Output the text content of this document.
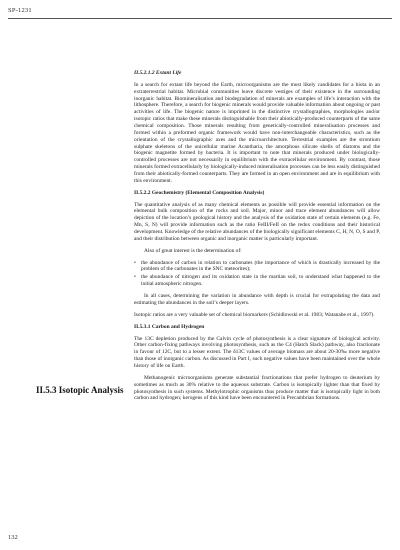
SP-1231

II.5.2.1.2 Extant Life

In a search for extant life beyond the Earth, microorganisms are the most likely candidates for a biota in an extraterrestrial habitat. Microbial communities leave discrete vestiges of their existence in the surrounding inorganic habitat. Biomineralisation and biodegradation of minerals are examples of life’s interaction with the lithosphere. Therefore, a search for biogenic minerals would provide valuable information about ongoing or past activities of life. The biogenic nature is imprinted in the distinctive crystallographies, morphologies and/or isotopic ratios that make these minerals distinguishable from their abiotically-produced counterparts of the same chemical composition. Those minerals resulting from genetically-controlled mineralisation processes and formed within a preformed organic framework would have non-interchangeable characteristics, such as the orientation of the crystallographic axes and the microarchitecture. Terrestrial examples are the strontium sulphate skeletons of the unicellular marine Acantharia, the amorphous silicate shells of diatoms and the biogenic magnetite formed by bacteria. It is important to note that minerals produced under biologically-controlled processes are not necessarily in equilibrium with the extracellular environment. By contrast, those minerals formed extracellularly by biologically-induced mineralisation processes can be less easily distinguished from their abiotically-formed counterparts. They are formed in an open environment and are in equilibrium with this environment.

II.5.2.2 Geochemistry (Elemental Composition Analysis)

The quantitative analysis of as many chemical elements as possible will provide essential information on the elemental bulk composition of the rocks and soil. Major, minor and trace element abundances will allow depiction of the location’s geological history and the analysis of the oxidation state of certain elements (e.g. Fe, Mn, S, N) will provide information such as the ratio FeIII/FeII on the redox conditions and their historical development. Knowledge of the relative abundances of the biologically significant elements C, H, N, O, S and P, and their distribution between organic and inorganic matter is particularly important.

Also of great interest is the determination of:

• the abundance of carbon in relation to carbonates (the importance of which is drastically increased by the problem of the carbonates in the SNC meteorites);
• the abundance of nitrogen and its oxidation state in the martian soil, to understand what happened to the initial atmospheric nitrogen.

In all cases, determining the variation in abundance with depth is crucial for extrapolating the data and estimating the abundances in the soil’s deeper layers.

Isotopic ratios are a very valuable set of chemical biomarkers (Schidlowski et al. 1983; Watanabe et al., 1997).

II.5.3.1 Carbon and Hydrogen

The 13C depletion produced by the Calvin cycle of photosynthesis is a clear signature of biological activity. Other carbon-fixing pathways involving photosynthesis, such as the C4 (Hatch Slack) pathway, also fractionate in favour of 12C, but to a lesser extent. The δ13C values of average biomass are about 20-30‰ more negative than those of inorganic carbon. As discussed in Part I, such negative values have been maintained over the whole history of life on Earth.

Methanogenic microorganisms generate substantial fractionations that prefer hydrogen to deuterium by sometimes as much as 30% relative to the aqueous substrate. Carbon is isotopically lighter than that fixed by photosynthesis in such systems. Methylotrophic organisms thus produce matter that is isotopically light in both carbon and hydrogen; kerogens of this kind have been encountered in Precambrian formations.

II.5.3 Isotopic Analysis
132
